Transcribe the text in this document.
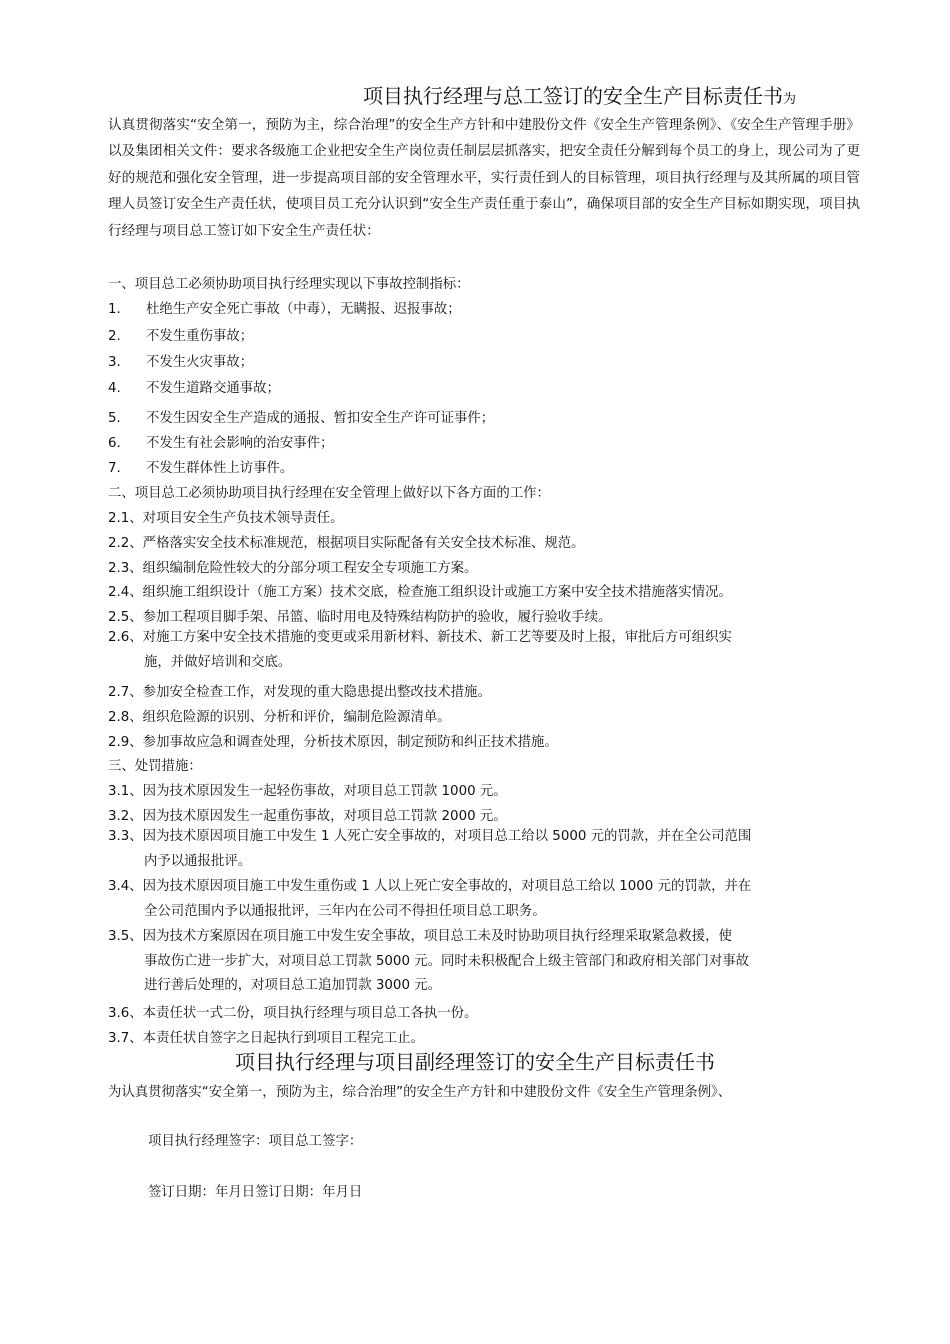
项目执行经理与总工签订的安全生产目标责任书为
认真贯彻落实“安全第一，预防为主，综合治理”的安全生产方针和中建股份文件《安全生产管理条例》、《安全生产管理手册》以及集团相关文件：要求各级施工企业把安全生产岗位责任制层层抓落实，把安全责任分解到每个员工的身上，现公司为了更好的规范和强化安全管理，进一步提高项目部的安全管理水平，实行责任到人的目标管理，项目执行经理与及其所属的项目管理人员签订安全生产责任状，使项目员工充分认识到“安全生产责任重于泰山”，确保项目部的安全生产目标如期实现，项目执行经理与项目总工签订如下安全生产责任状：
一、项目总工必须协助项目执行经理实现以下事故控制指标：
1. 杜绝生产安全死亡事故（中毒），无瞒报、迟报事故；
2. 不发生重伤事故；
3. 不发生火灾事故；
4. 不发生道路交通事故；
5. 不发生因安全生产造成的通报、暂扣安全生产许可证事件；
6. 不发生有社会影响的治安事件；
7. 不发生群体性上访事件。
二、项目总工必须协助项目执行经理在安全管理上做好以下各方面的工作：
2.1、对项目安全生产负技术领导责任。
2.2、严格落实安全技术标准规范，根据项目实际配备有关安全技术标准、规范。
2.3、组织编制危险性较大的分部分项工程安全专项施工方案。
2.4、组织施工组织设计（施工方案）技术交底，检查施工组织设计或施工方案中安全技术措施落实情况。
2.5、参加工程项目脚手架、吊篮、临时用电及特殊结构防护的验收，履行验收手续。
2.6、对施工方案中安全技术措施的变更或采用新材料、新技术、新工艺等要及时上报，审批后方可组织实
施，并做好培训和交底。
2.7、参加安全检查工作，对发现的重大隐患提出整改技术措施。
2.8、组织危险源的识别、分析和评价，编制危险源清单。
2.9、参加事故应急和调查处理，分析技术原因，制定预防和纠正技术措施。
三、处罚措施：
3.1、因为技术原因发生一起轻伤事故，对项目总工罚款 1000 元。
3.2、因为技术原因发生一起重伤事故，对项目总工罚款 2000 元。
3.3、因为技术原因项目施工中发生 1 人死亡安全事故的，对项目总工给以 5000 元的罚款，并在全公司范围
内予以通报批评。
3.4、因为技术原因项目施工中发生重伤或 1 人以上死亡安全事故的，对项目总工给以 1000 元的罚款，并在
全公司范围内予以通报批评，三年内在公司不得担任项目总工职务。
3.5、因为技术方案原因在项目施工中发生安全事故，项目总工未及时协助项目执行经理采取紧急救援，使
事故伤亡进一步扩大，对项目总工罚款 5000 元。同时未积极配合上级主管部门和政府相关部门对事故
进行善后处理的，对项目总工追加罚款 3000 元。
3.6、本责任状一式二份，项目执行经理与项目总工各执一份。
3.7、本责任状自签字之日起执行到项目工程完工止。
项目执行经理与项目副经理签订的安全生产目标责任书
为认真贯彻落实“安全第一，预防为主，综合治理”的安全生产方针和中建股份文件《安全生产管理条例》、
项目执行经理签字：项目总工签字：
签订日期：年月日签订日期：年月日
